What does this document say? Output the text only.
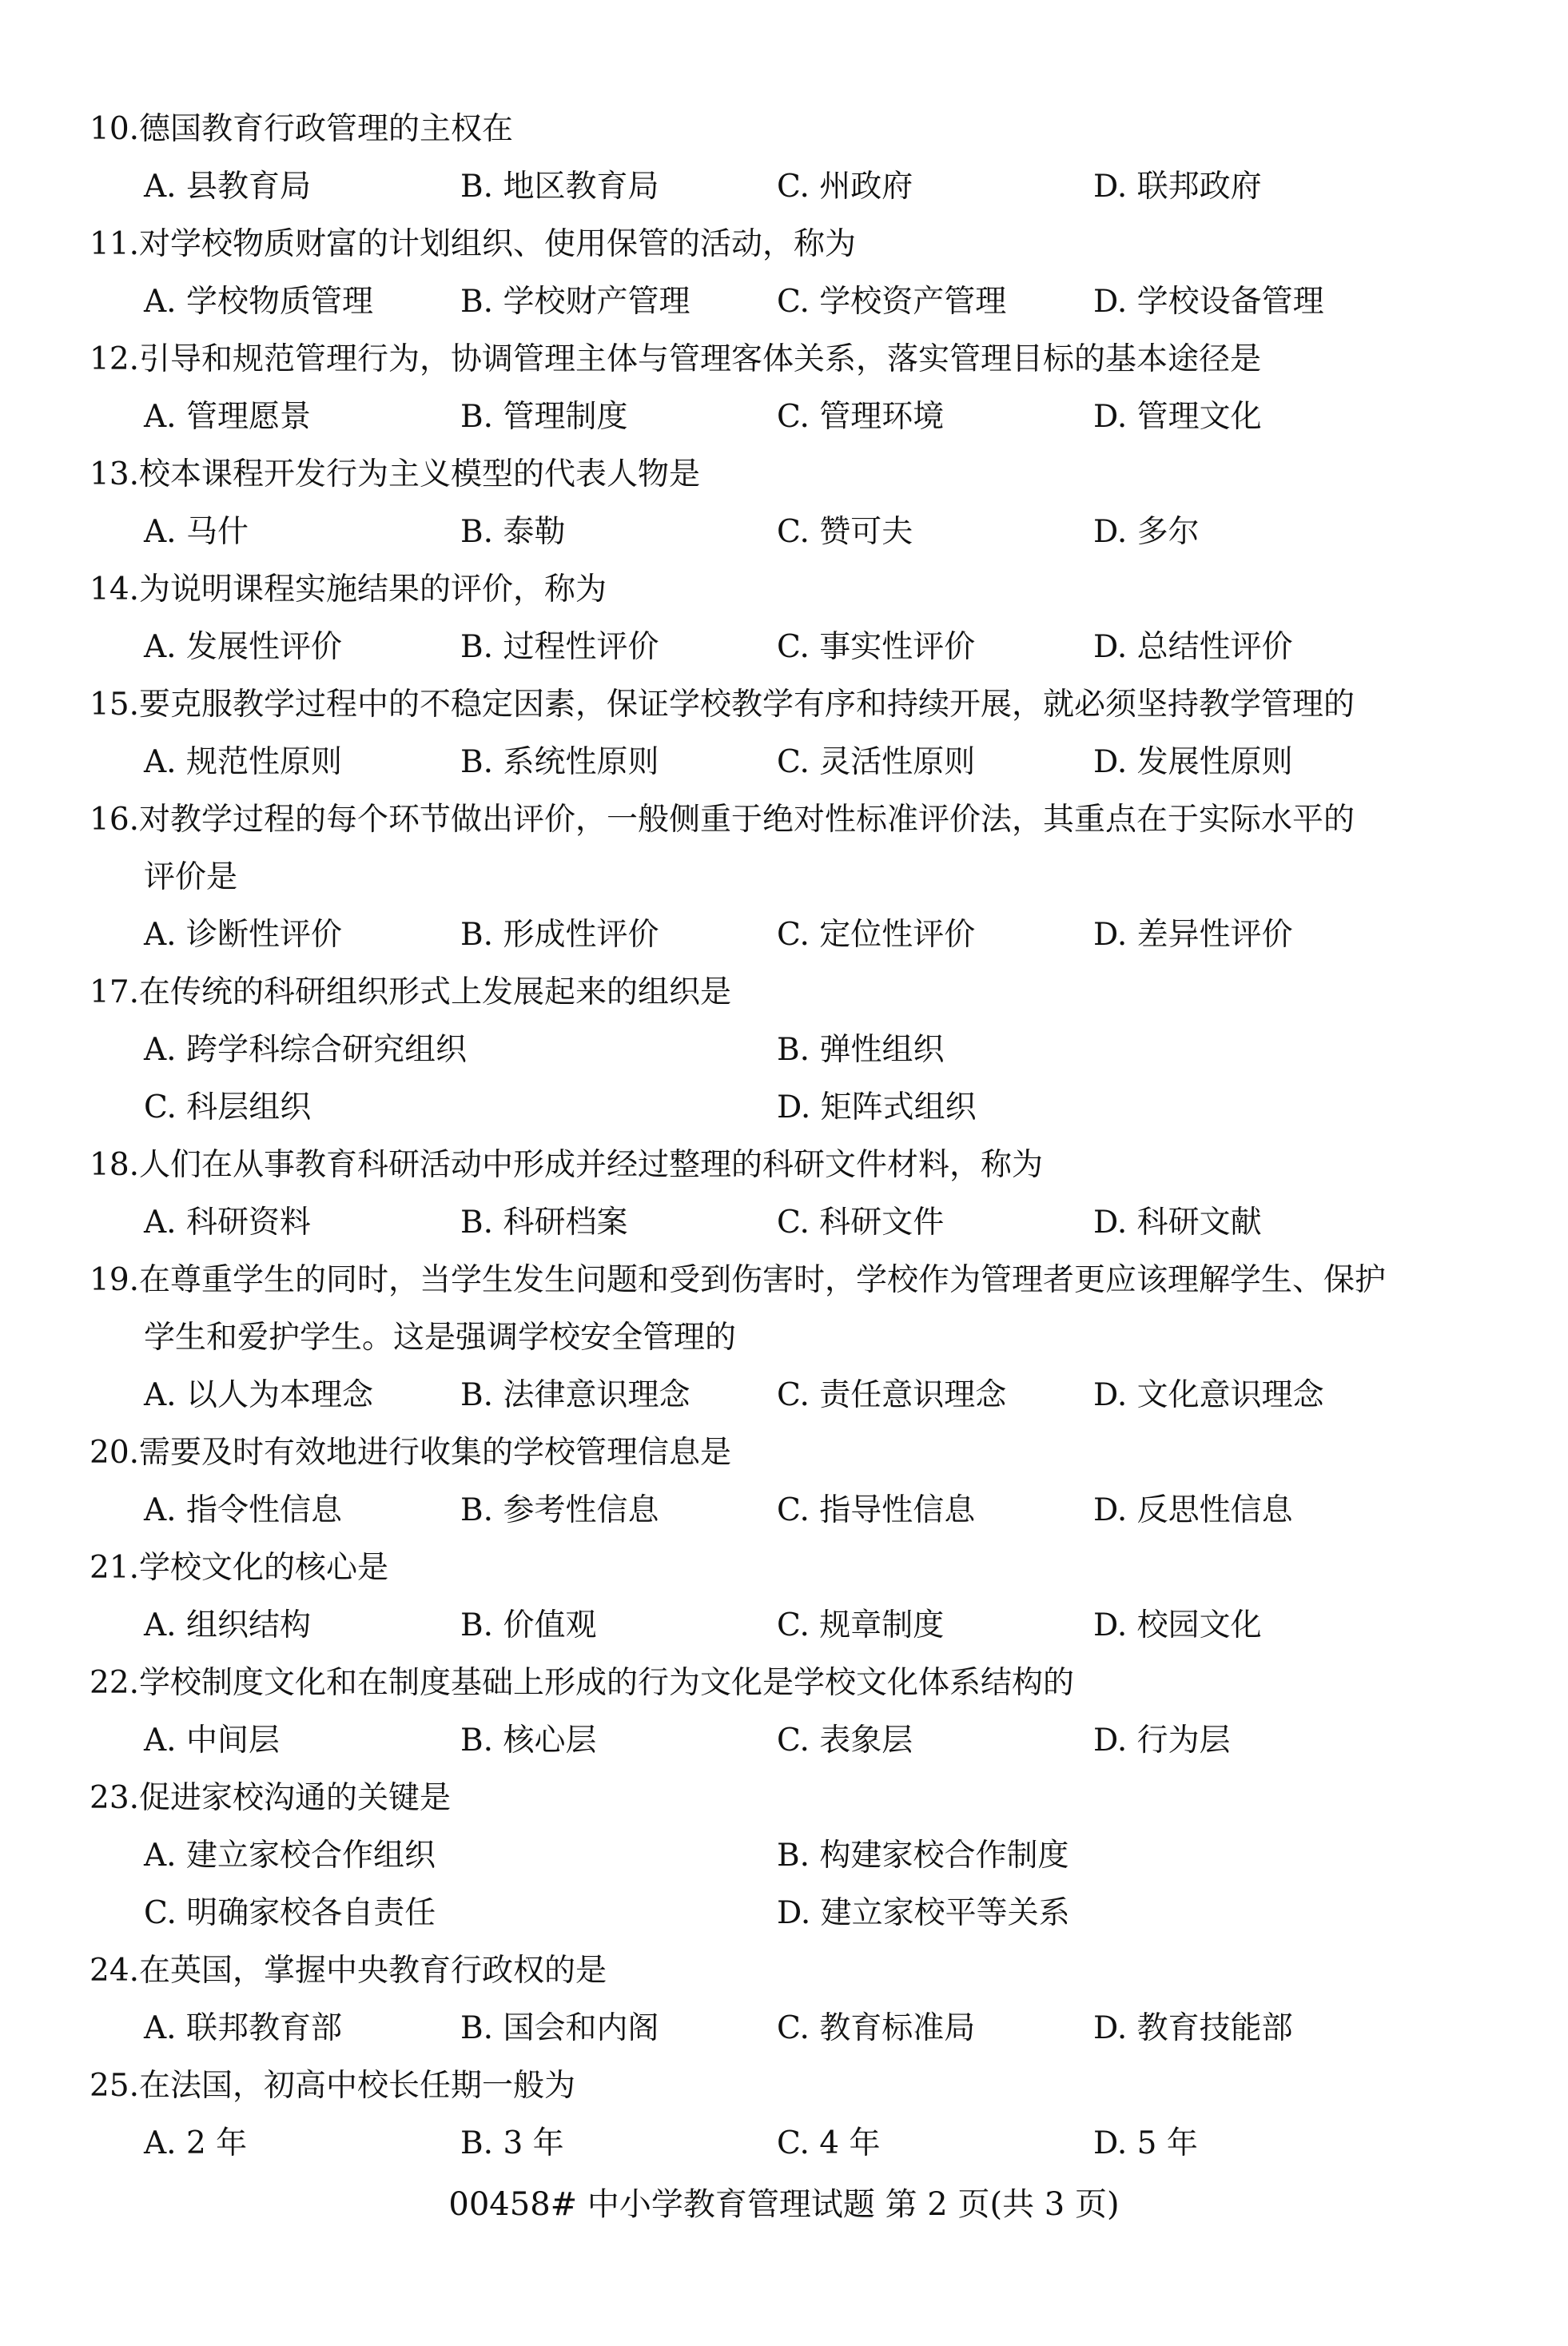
10.德国教育行政管理的主权在
A. 县教育局	B. 地区教育局	C. 州政府	D. 联邦政府
11.对学校物质财富的计划组织、使用保管的活动，称为
A. 学校物质管理	B. 学校财产管理	C. 学校资产管理	D. 学校设备管理
12.引导和规范管理行为，协调管理主体与管理客体关系，落实管理目标的基本途径是
A. 管理愿景	B. 管理制度	C. 管理环境	D. 管理文化
13.校本课程开发行为主义模型的代表人物是
A. 马什	B. 泰勒	C. 赞可夫	D. 多尔
14.为说明课程实施结果的评价，称为
A. 发展性评价	B. 过程性评价	C. 事实性评价	D. 总结性评价
15.要克服教学过程中的不稳定因素，保证学校教学有序和持续开展，就必须坚持教学管理的
A. 规范性原则	B. 系统性原则	C. 灵活性原则	D. 发展性原则
16.对教学过程的每个环节做出评价，一般侧重于绝对性标准评价法，其重点在于实际水平的
评价是
A. 诊断性评价	B. 形成性评价	C. 定位性评价	D. 差异性评价
17.在传统的科研组织形式上发展起来的组织是
A. 跨学科综合研究组织	B. 弹性组织
C. 科层组织	D. 矩阵式组织
18.人们在从事教育科研活动中形成并经过整理的科研文件材料，称为
A. 科研资料	B. 科研档案	C. 科研文件	D. 科研文献
19.在尊重学生的同时，当学生发生问题和受到伤害时，学校作为管理者更应该理解学生、保护
学生和爱护学生。这是强调学校安全管理的
A. 以人为本理念	B. 法律意识理念	C. 责任意识理念	D. 文化意识理念
20.需要及时有效地进行收集的学校管理信息是
A. 指令性信息	B. 参考性信息	C. 指导性信息	D. 反思性信息
21.学校文化的核心是
A. 组织结构	B. 价值观	C. 规章制度	D. 校园文化
22.学校制度文化和在制度基础上形成的行为文化是学校文化体系结构的
A. 中间层	B. 核心层	C. 表象层	D. 行为层
23.促进家校沟通的关键是
A. 建立家校合作组织	B. 构建家校合作制度
C. 明确家校各自责任	D. 建立家校平等关系
24.在英国，掌握中央教育行政权的是
A. 联邦教育部	B. 国会和内阁	C. 教育标准局	D. 教育技能部
25.在法国，初高中校长任期一般为
A. 2 年	B. 3 年	C. 4 年	D. 5 年
00458# 中小学教育管理试题 第 2 页(共 3 页)
